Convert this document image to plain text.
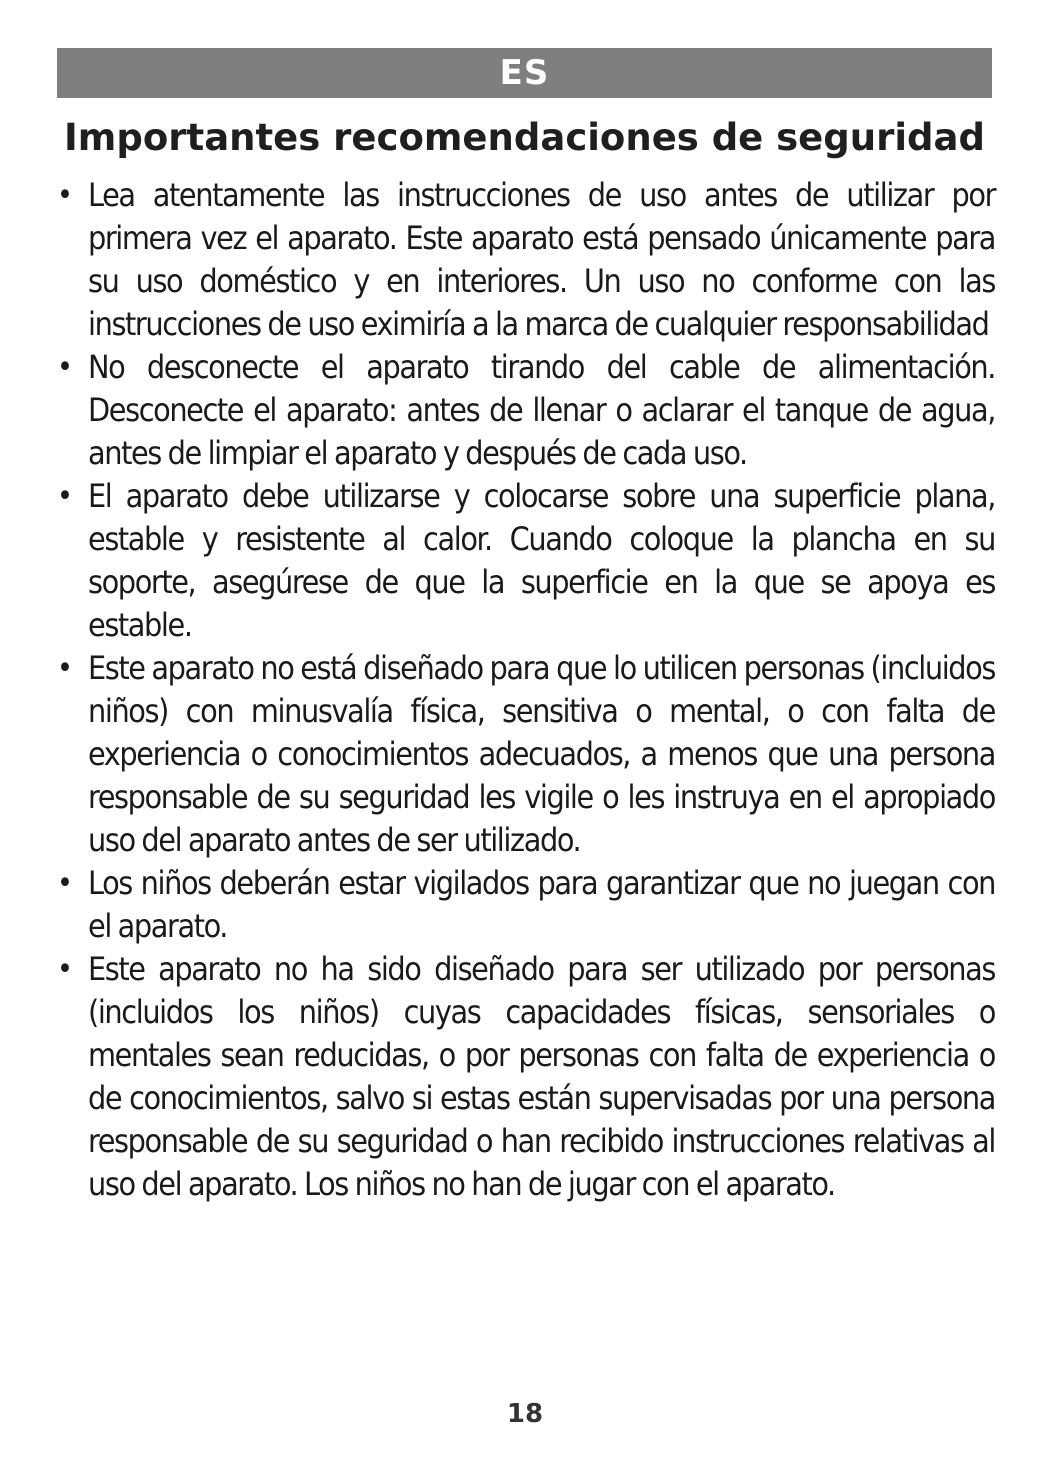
ES
Importantes recomendaciones de seguridad
• Lea atentamente las instrucciones de uso antes de utilizar por primera vez el aparato. Este aparato está pensado únicamente para su uso doméstico y en interiores. Un uso no conforme con las instrucciones de uso eximiría a la marca de cualquier responsabilidad
• No desconecte el aparato tirando del cable de alimentación. Desconecte el aparato: antes de llenar o aclarar el tanque de agua, antes de limpiar el aparato y después de cada uso.
• El aparato debe utilizarse y colocarse sobre una superficie plana, estable y resistente al calor. Cuando coloque la plancha en su soporte, asegúrese de que la superficie en la que se apoya es estable.
• Este aparato no está diseñado para que lo utilicen personas (incluidos niños) con minusvalía física, sensitiva o mental, o con falta de experiencia o conocimientos adecuados, a menos que una persona responsable de su seguridad les vigile o les instruya en el apropiado uso del aparato antes de ser utilizado.
• Los niños deberán estar vigilados para garantizar que no juegan con el aparato.
• Este aparato no ha sido diseñado para ser utilizado por personas (incluidos los niños) cuyas capacidades físicas, sensoriales o mentales sean reducidas, o por personas con falta de experiencia o de conocimientos, salvo si estas están supervisadas por una persona responsable de su seguridad o han recibido instrucciones relativas al uso del aparato. Los niños no han de jugar con el aparato.
18
